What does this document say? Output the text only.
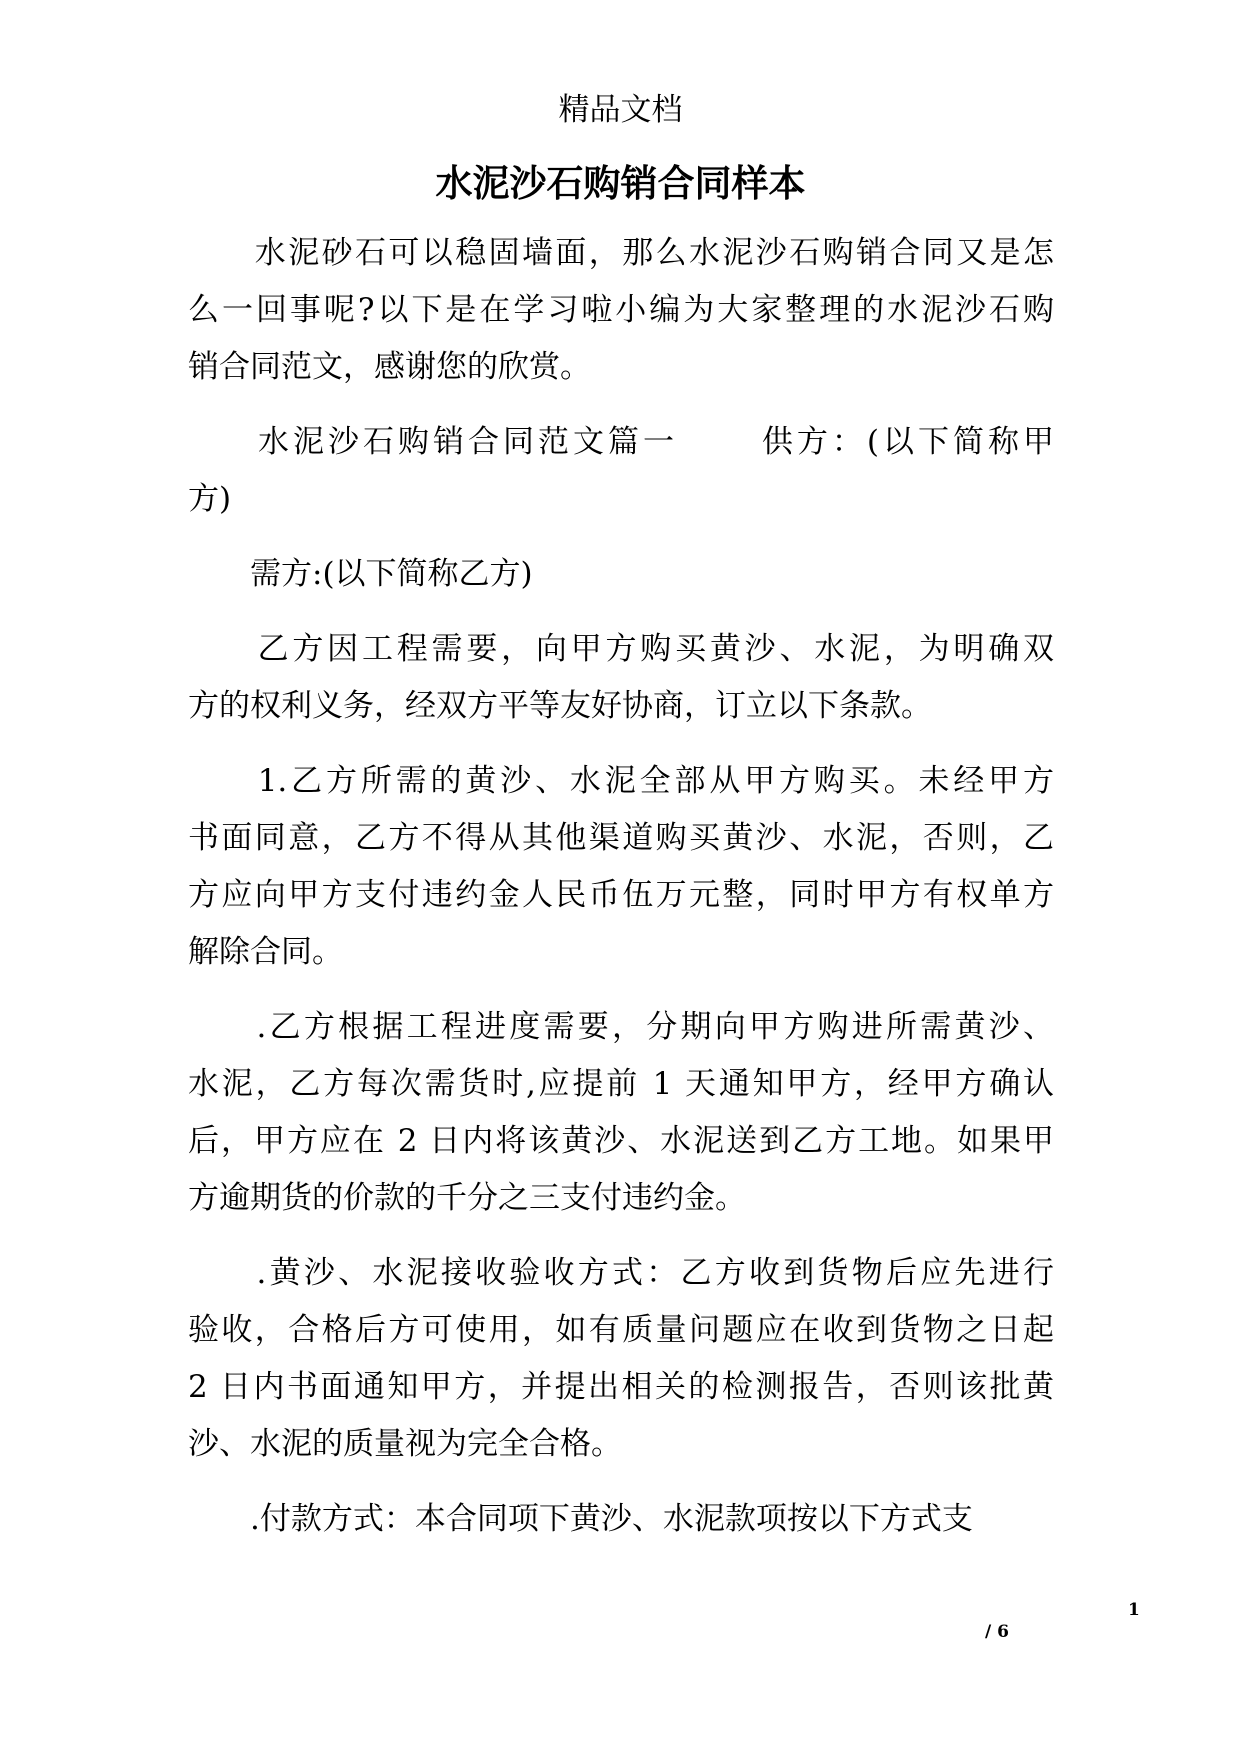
精品文档
水泥沙石购销合同样本

　　水泥砂石可以稳固墙面，那么水泥沙石购销合同又是怎
么一回事呢?以下是在学习啦小编为大家整理的水泥沙石购
销合同范文，感谢您的欣赏。

　　水泥沙石购销合同范文篇一　　 供方：(以下简称甲
方)

　　需方:(以下简称乙方)

　　乙方因工程需要，向甲方购买黄沙、水泥，为明确双
方的权利义务，经双方平等友好协商，订立以下条款。

　　1.乙方所需的黄沙、水泥全部从甲方购买。未经甲方
书面同意，乙方不得从其他渠道购买黄沙、水泥，否则，乙
方应向甲方支付违约金人民币伍万元整，同时甲方有权单方
解除合同。

　　.乙方根据工程进度需要，分期向甲方购进所需黄沙、
水泥，乙方每次需货时,应提前 1 天通知甲方，经甲方确认
后，甲方应在 2 日内将该黄沙、水泥送到乙方工地。如果甲
方逾期货的价款的千分之三支付违约金。

　　.黄沙、水泥接收验收方式：乙方收到货物后应先进行
验收，合格后方可使用，如有质量问题应在收到货物之日起
2 日内书面通知甲方，并提出相关的检测报告，否则该批黄
沙、水泥的质量视为完全合格。

　　.付款方式：本合同项下黄沙、水泥款项按以下方式支

1
/ 6
